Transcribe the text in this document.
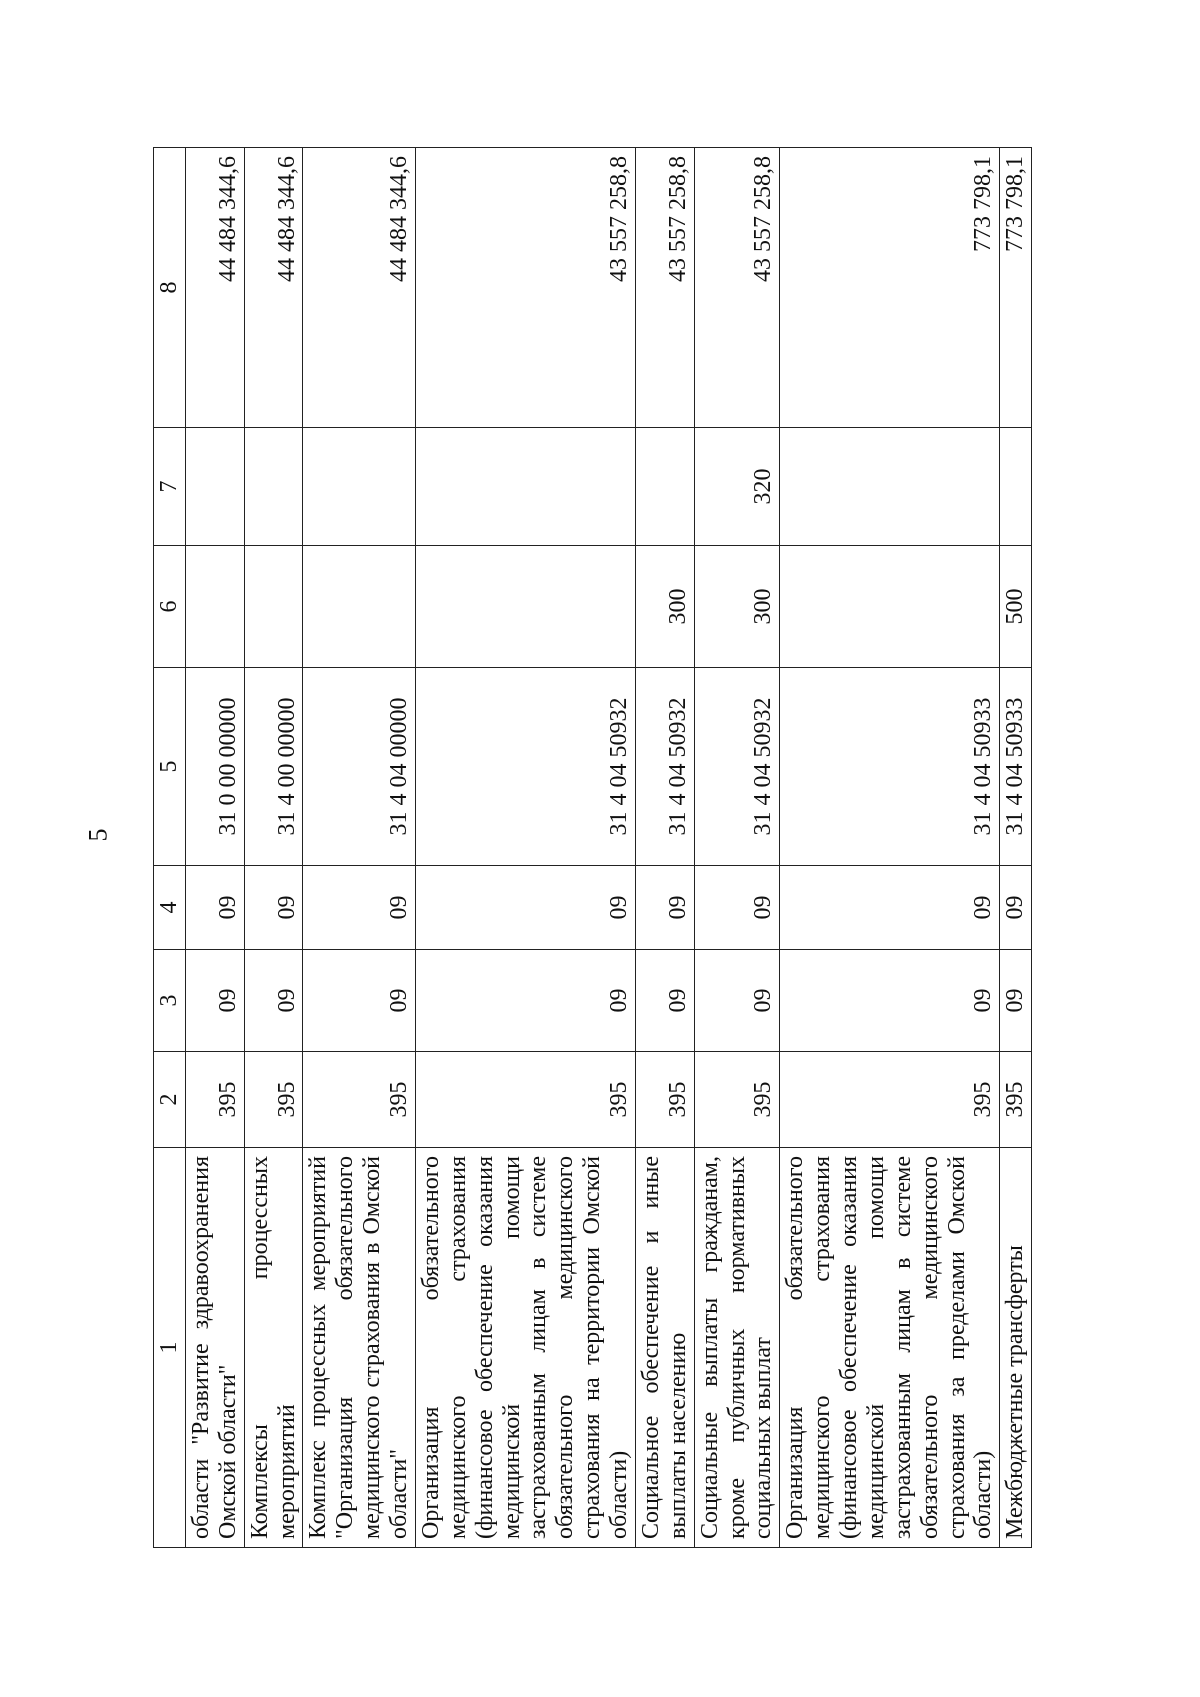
5
1	2	3	4	5	6	7	8
области "Развитие здравоохранения Омской области"	395	09	09	31 0 00 00000			44 484 344,6
Комплексы процессных мероприятий	395	09	09	31 4 00 00000			44 484 344,6
Комплекс процессных мероприятий "Организация обязательного медицинского страхования в Омской области"	395	09	09	31 4 04 00000			44 484 344,6
Организация обязательного медицинского страхования (финансовое обеспечение оказания медицинской помощи застрахованным лицам в системе обязательного медицинского страхования на территории Омской области)	395	09	09	31 4 04 50932			43 557 258,8
Социальное обеспечение и иные выплаты населению	395	09	09	31 4 04 50932	300		43 557 258,8
Социальные выплаты гражданам, кроме публичных нормативных социальных выплат	395	09	09	31 4 04 50932	300	320	43 557 258,8
Организация обязательного медицинского страхования (финансовое обеспечение оказания медицинской помощи застрахованным лицам в системе обязательного медицинского страхования за пределами Омской области)	395	09	09	31 4 04 50933			773 798,1
Межбюджетные трансферты	395	09	09	31 4 04 50933	500		773 798,1
